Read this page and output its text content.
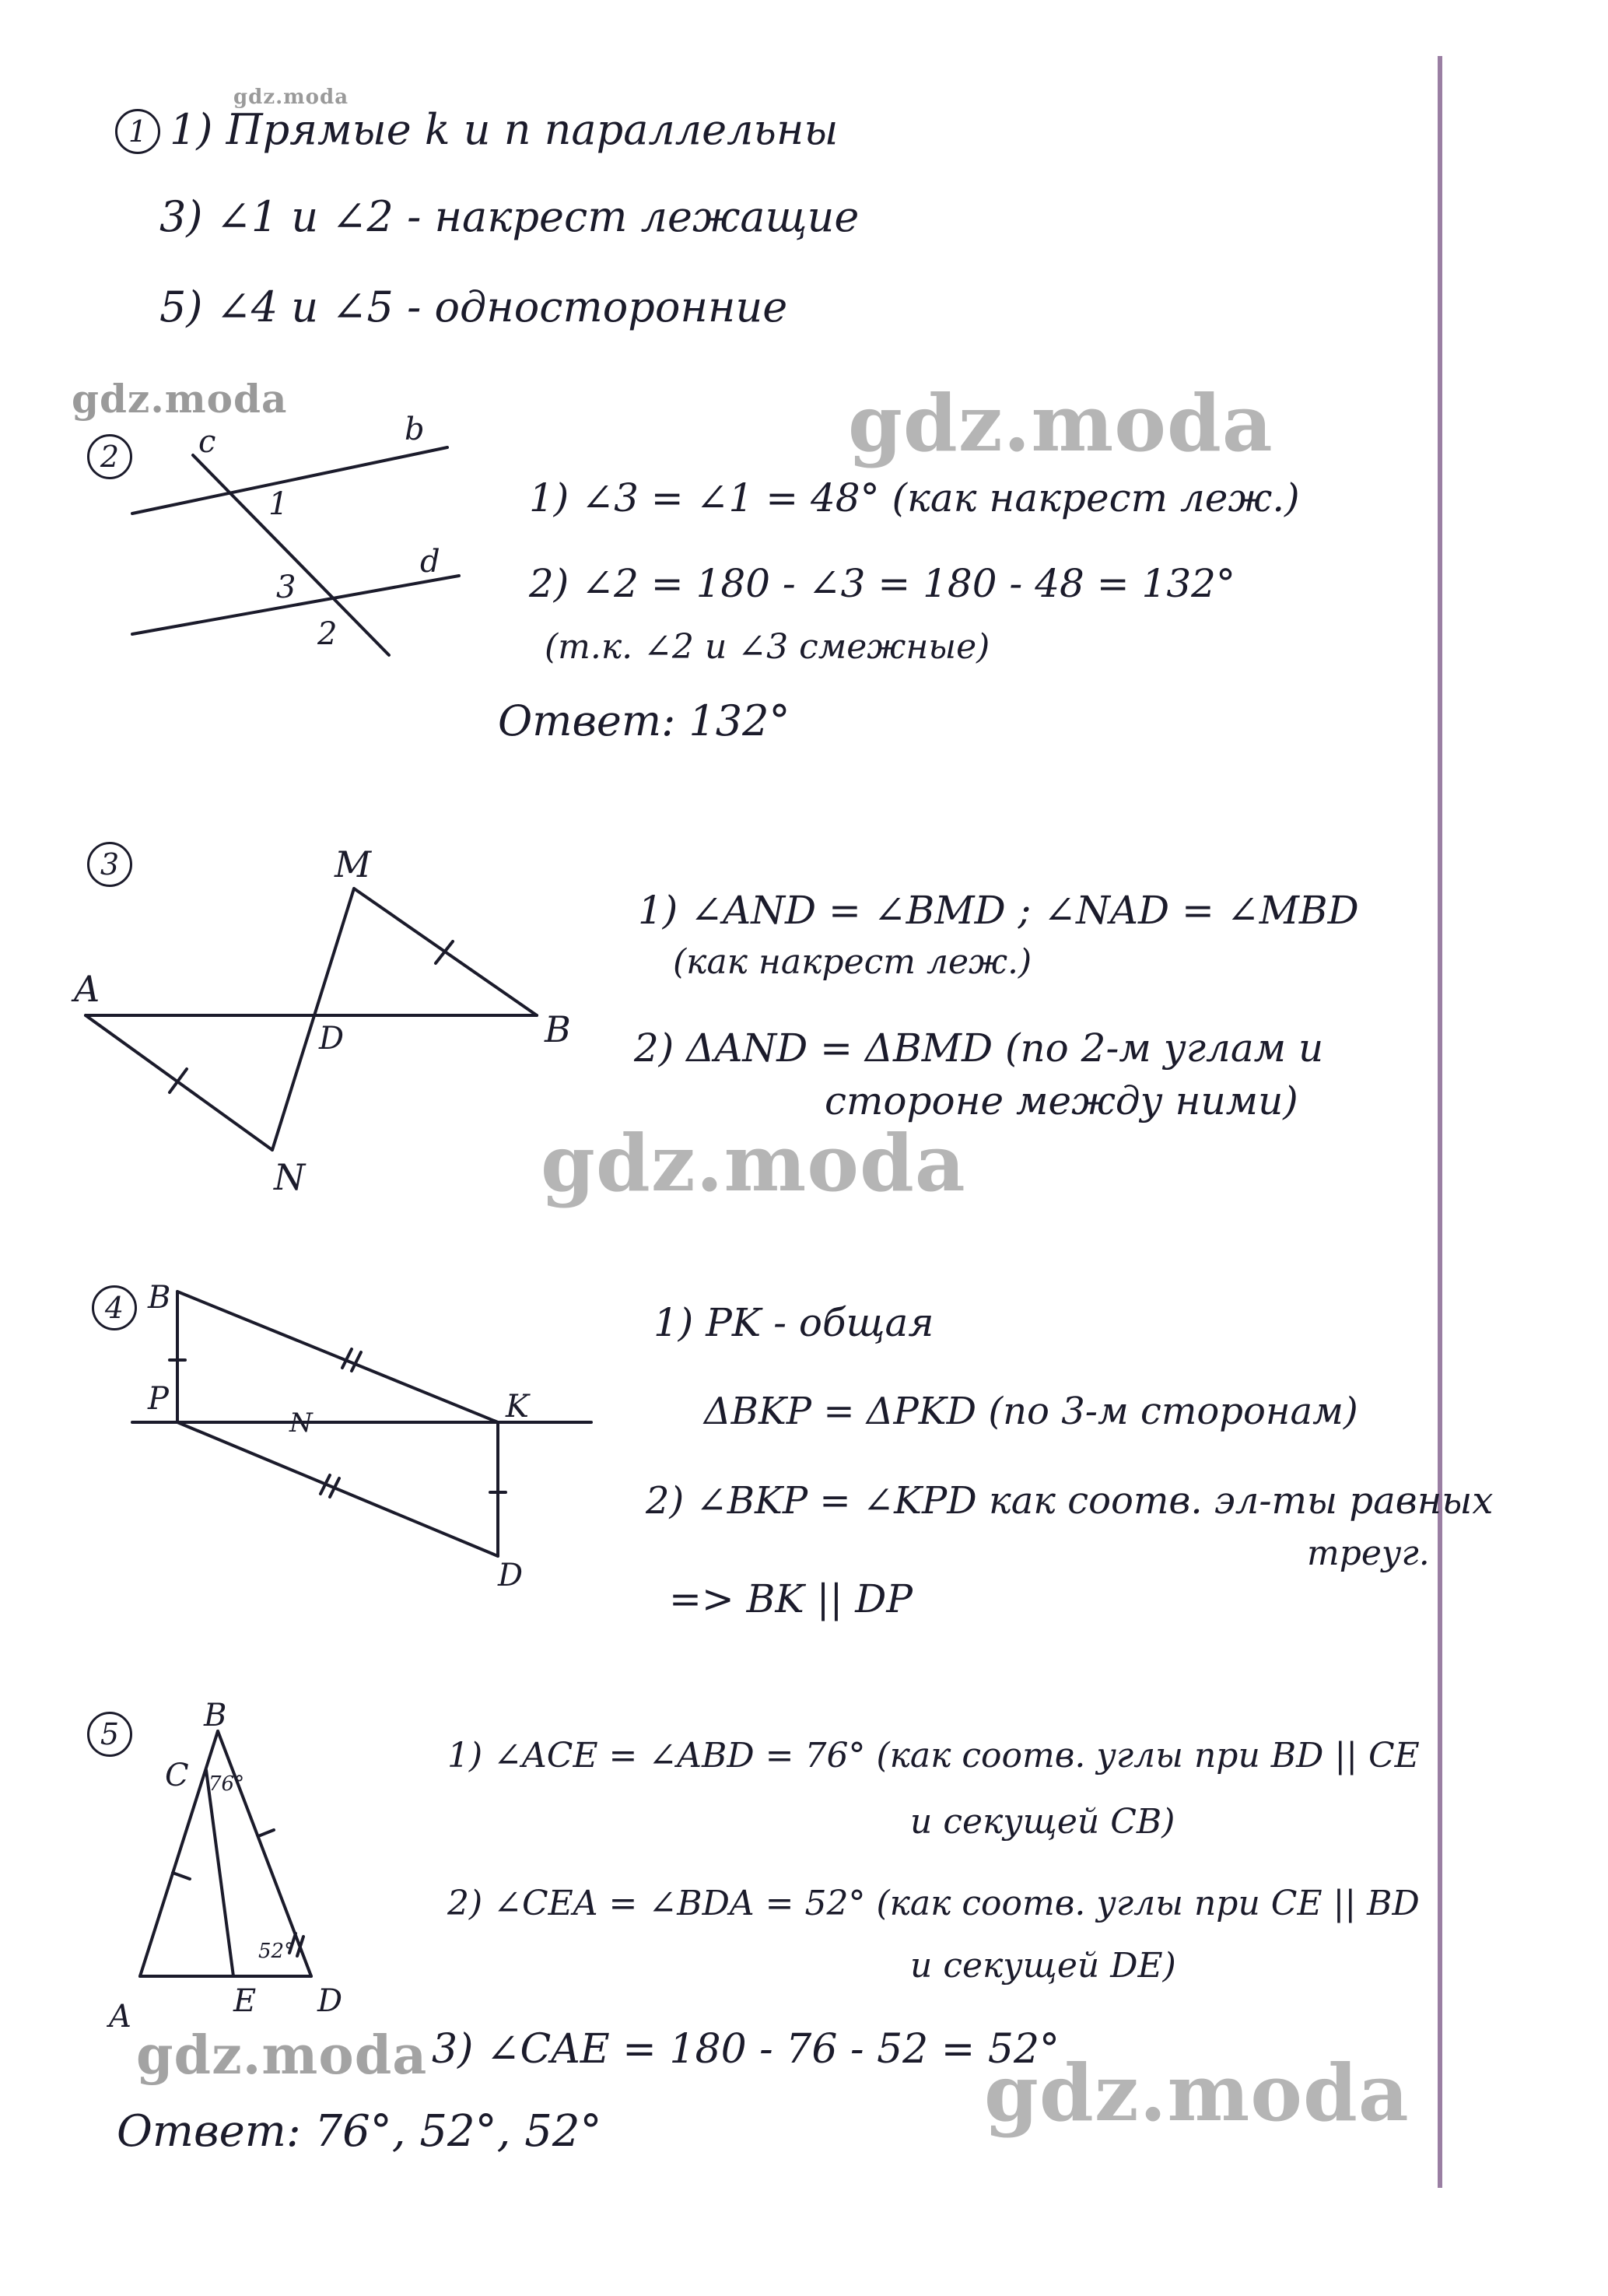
gdz.moda
gdz.moda	gdz.moda
gdz.moda
gdz.moda	gdz.moda
1 1) Прямые k и n параллельны
3) ∠1 и ∠2 - накрест лежащие
5) ∠4 и ∠5 - односторонние
2	c	b
d
1
3
2
1) ∠3 = ∠1 = 48° (как накрест леж.)
2) ∠2 = 180 - ∠3 = 180 - 48 = 132°
(т.к. ∠2 и ∠3 смежные)
Ответ: 132°
3
A
B
M
N
D
1) ∠AND = ∠BMD ; ∠NAD = ∠MBD
(как накрест леж.)
2) ΔAND = ΔBMD (по 2-м углам и
стороне между ними)
4 B
P	K
D
N
1) PK - общая
ΔBKP = ΔPKD (по 3-м сторонам)
2) ∠BKP = ∠KPD как соотв. эл-ты равных
треуг.
=> BK || DP
5
B
C
A	E D
76°
52°
1) ∠ACE = ∠ABD = 76° (как соотв. углы при BD || CE
и секущей CB)
2) ∠CEA = ∠BDA = 52° (как соотв. углы при CE || BD
и секущей DE)
3) ∠CAE = 180 - 76 - 52 = 52°
Ответ: 76°, 52°, 52°
